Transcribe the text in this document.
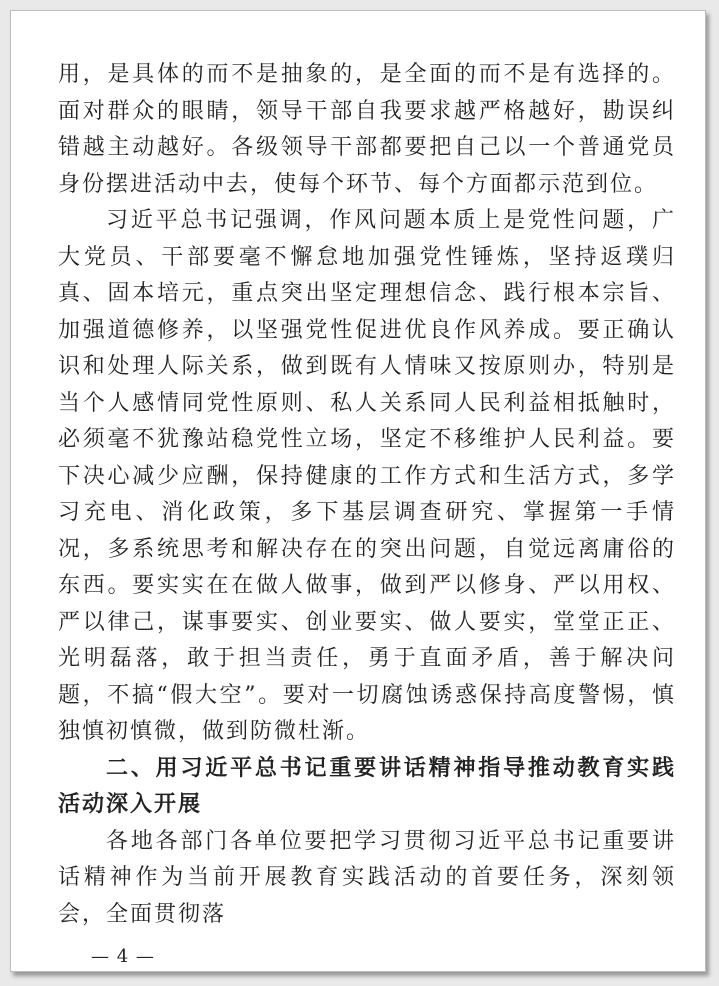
用，是具体的而不是抽象的，是全面的而不是有选择的。面对群众的眼睛，领导干部自我要求越严格越好，勘误纠错越主动越好。各级领导干部都要把自己以一个普通党员身份摆进活动中去，使每个环节、每个方面都示范到位。

习近平总书记强调，作风问题本质上是党性问题，广大党员、干部要毫不懈怠地加强党性锤炼，坚持返璞归真、固本培元，重点突出坚定理想信念、践行根本宗旨、加强道德修养，以坚强党性促进优良作风养成。要正确认识和处理人际关系，做到既有人情味又按原则办，特别是当个人感情同党性原则、私人关系同人民利益相抵触时，必须毫不犹豫站稳党性立场，坚定不移维护人民利益。要下决心减少应酬，保持健康的工作方式和生活方式，多学习充电、消化政策，多下基层调查研究、掌握第一手情况，多系统思考和解决存在的突出问题，自觉远离庸俗的东西。要实实在在做人做事，做到严以修身、严以用权、严以律己，谋事要实、创业要实、做人要实，堂堂正正、光明磊落，敢于担当责任，勇于直面矛盾，善于解决问题，不搞“假大空”。要对一切腐蚀诱惑保持高度警惕，慎独慎初慎微，做到防微杜渐。

二、用习近平总书记重要讲话精神指导推动教育实践活动深入开展

各地各部门各单位要把学习贯彻习近平总书记重要讲话精神作为当前开展教育实践活动的首要任务，深刻领会，全面贯彻落

— 4 —
